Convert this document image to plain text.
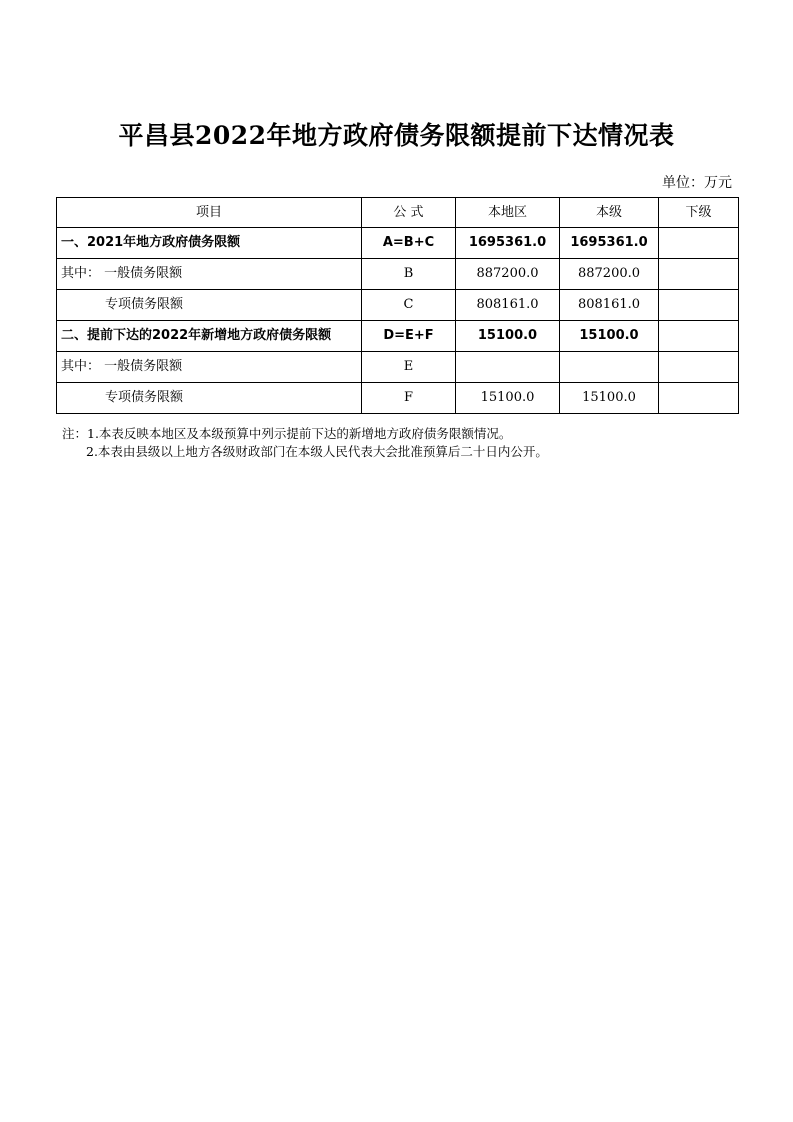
平昌县2022年地方政府债务限额提前下达情况表
单位：万元
项目	公 式	本地区	本级	下级
一、2021年地方政府债务限额	A=B+C	1695361.0	1695361.0	
其中： 一般债务限额	B	887200.0	887200.0	
专项债务限额	C	808161.0	808161.0	
二、提前下达的2022年新增地方政府债务限额	D=E+F	15100.0	15100.0	
其中： 一般债务限额	E			
专项债务限额	F	15100.0	15100.0	
注：1.本表反映本地区及本级预算中列示提前下达的新增地方政府债务限额情况。
2.本表由县级以上地方各级财政部门在本级人民代表大会批准预算后二十日内公开。
